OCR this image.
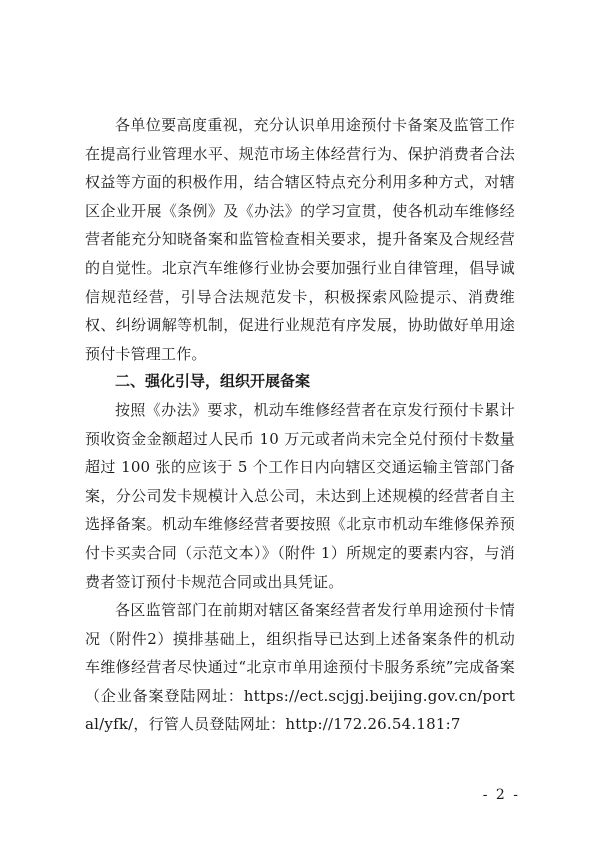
各单位要高度重视，充分认识单用途预付卡备案及监管工作在提高行业管理水平、规范市场主体经营行为、保护消费者合法权益等方面的积极作用，结合辖区特点充分利用多种方式，对辖区企业开展《条例》及《办法》的学习宣贯，使各机动车维修经营者能充分知晓备案和监管检查相关要求，提升备案及合规经营的自觉性。北京汽车维修行业协会要加强行业自律管理，倡导诚信规范经营，引导合法规范发卡，积极探索风险提示、消费维权、纠纷调解等机制，促进行业规范有序发展，协助做好单用途预付卡管理工作。

二、强化引导，组织开展备案

按照《办法》要求，机动车维修经营者在京发行预付卡累计预收资金金额超过人民币 10 万元或者尚未完全兑付预付卡数量超过 100 张的应该于 5 个工作日内向辖区交通运输主管部门备案，分公司发卡规模计入总公司，未达到上述规模的经营者自主选择备案。机动车维修经营者要按照《北京市机动车维修保养预付卡买卖合同（示范文本）》（附件 1）所规定的要素内容，与消费者签订预付卡规范合同或出具凭证。

各区监管部门在前期对辖区备案经营者发行单用途预付卡情况（附件2）摸排基础上，组织指导已达到上述备案条件的机动车维修经营者尽快通过“北京市单用途预付卡服务系统”完成备案（企业备案登陆网址：https://ect.scjgj.beijing.gov.cn/portal/yfk/，行管人员登陆网址：http://172.26.54.181:7

- 2 -
